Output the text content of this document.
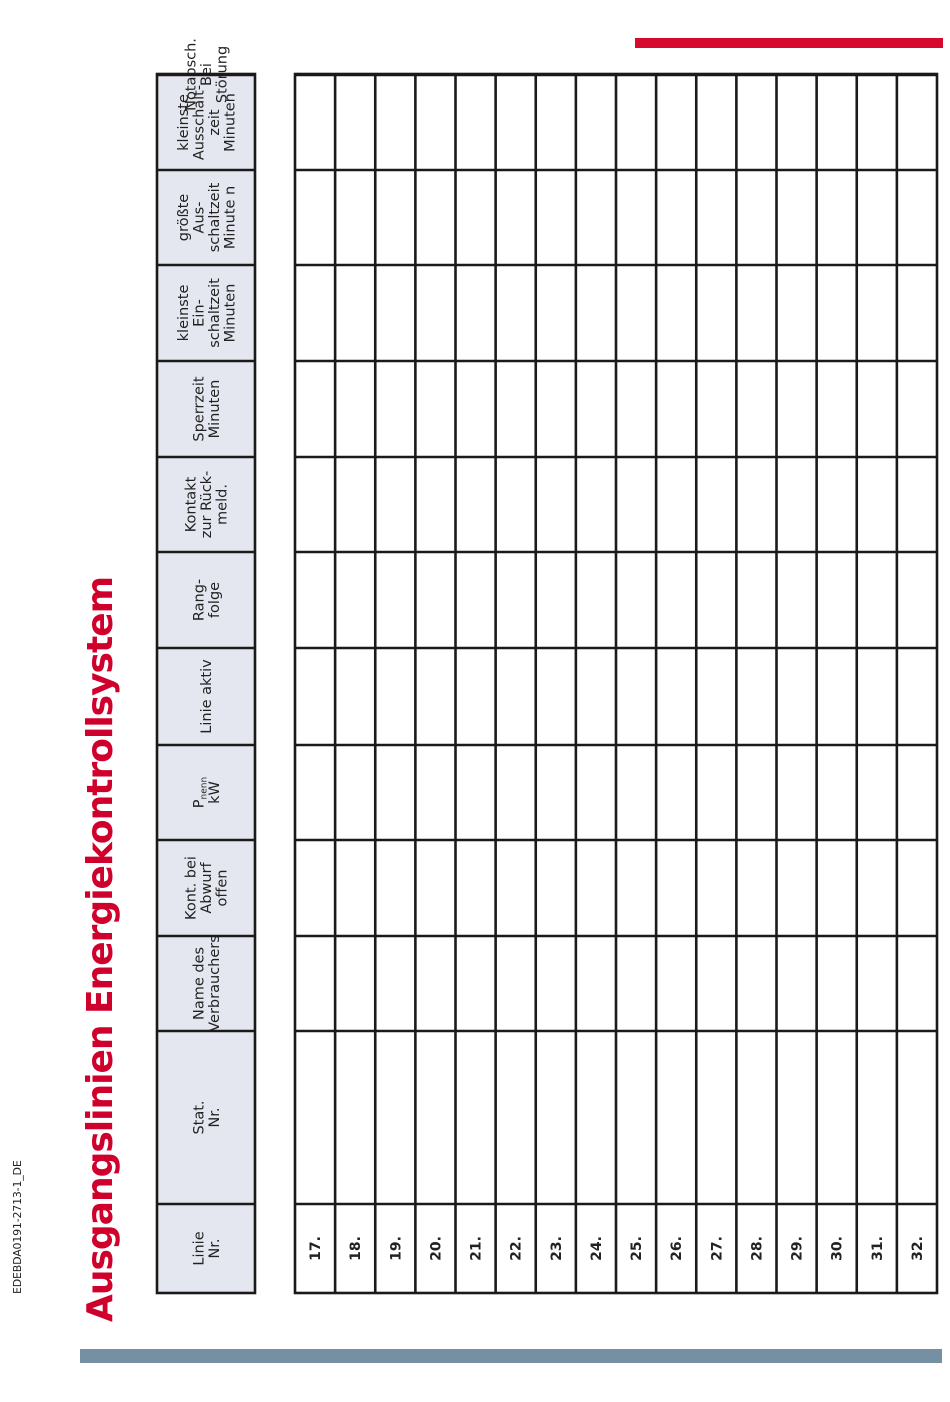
EDEBDA0191-2713-1_DE Ausgangslinien Energiekontrollsystem	Linie Nr.
Stat. Nr.
Name des Verbrauchers
Kont. bei Abwurf offen
$P_{nenn}$
kW
Linie aktiv
Rang- folge
Kontakt zur Rück- meld.
Sperrzeit Minuten
kleinste Ein- schaltzeit Minuten
größte Aus- schaltzeit Minute n
kleinste Ausschalt- zeit Minuten
Notabsch. Bei Störung
17. 18. 19. 20. 21. 22. 23. 24. 25. 26. 27. 28. 29. 30. 31. 32.
